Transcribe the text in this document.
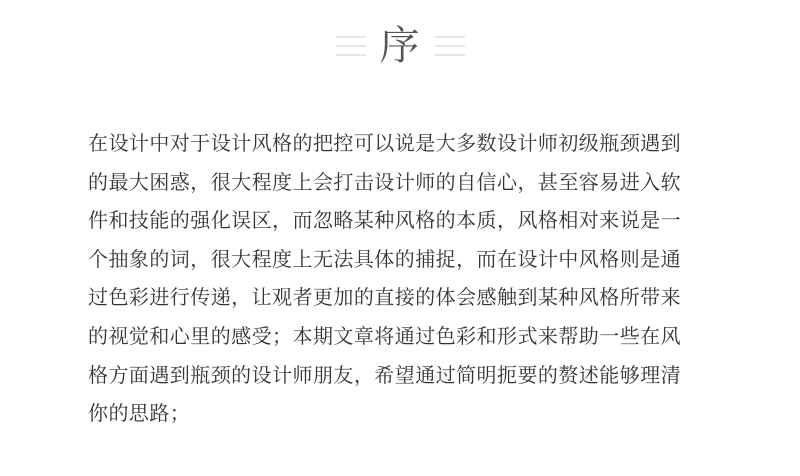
序

在设计中对于设计风格的把控可以说是大多数设计师初级瓶颈遇到
的最大困惑，很大程度上会打击设计师的自信心，甚至容易进入软
件和技能的强化误区，而忽略某种风格的本质，风格相对来说是一
个抽象的词，很大程度上无法具体的捕捉，而在设计中风格则是通
过色彩进行传递，让观者更加的直接的体会感触到某种风格所带来
的视觉和心里的感受；本期文章将通过色彩和形式来帮助一些在风
格方面遇到瓶颈的设计师朋友，希望通过简明扼要的赘述能够理清
你的思路；
